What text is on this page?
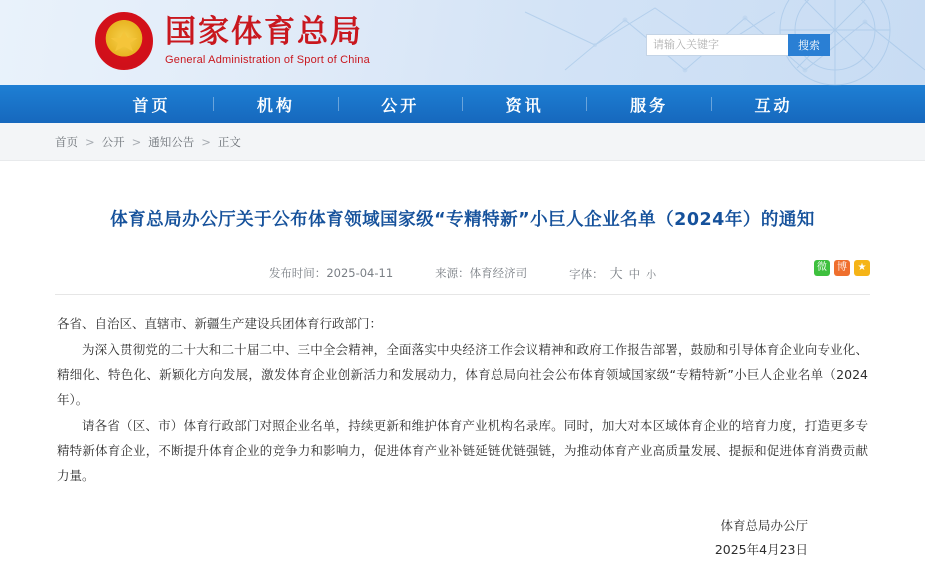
国家体育总局
General Administration of Sport of China
请输入关键字
搜索
首页	机构	公开	资讯	服务	互动
首页 > 公开 > 通知公告 > 正文
体育总局办公厅关于公布体育领域国家级“专精特新”小巨人企业名单（2024年）的通知
发布时间：2025-04-11	来源：体育经济司	字体： 大 中 小
微	博	★

各省、自治区、直辖市、新疆生产建设兵团体育行政部门：

为深入贯彻党的二十大和二十届二中、三中全会精神，全面落实中央经济工作会议精神和政府工作报告部署，鼓励和引导体育企业向专业化、精细化、特色化、新颖化方向发展，激发体育企业创新活力和发展动力，体育总局向社会公布体育领域国家级“专精特新”小巨人企业名单（2024年）。

请各省（区、市）体育行政部门对照企业名单，持续更新和维护体育产业机构名录库。同时，加大对本区域体育企业的培育力度，打造更多专精特新体育企业，不断提升体育企业的竞争力和影响力，促进体育产业补链延链优链强链，为推动体育产业高质量发展、提振和促进体育消费贡献力量。

体育总局办公厅
2025年4月23日
